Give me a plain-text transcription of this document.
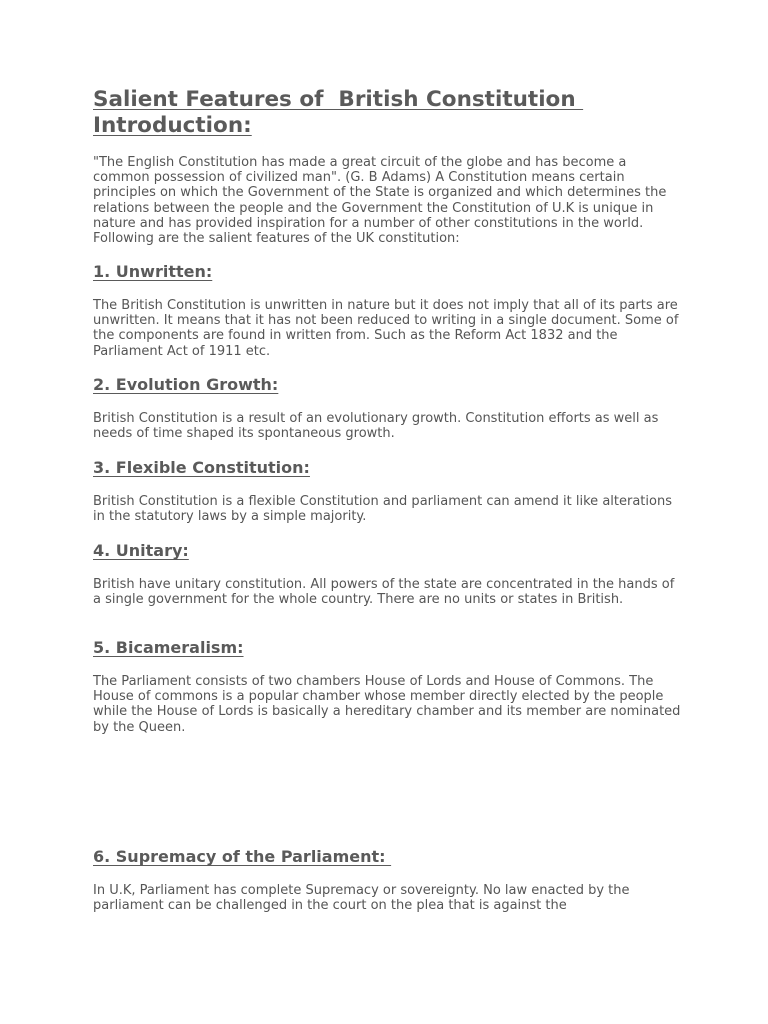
Salient Features of  British Constitution
Introduction:

"The English Constitution has made a great circuit of the globe and has become a common possession of civilized man". (G. B Adams) A Constitution means certain principles on which the Government of the State is organized and which determines the relations between the people and the Government the Constitution of U.K is unique in nature and has provided inspiration for a number of other constitutions in the world. Following are the salient features of the UK constitution:

1. Unwritten:

The British Constitution is unwritten in nature but it does not imply that all of its parts are unwritten. It means that it has not been reduced to writing in a single document. Some of the components are found in written from. Such as the Reform Act 1832 and the Parliament Act of 1911 etc.

2. Evolution Growth:

British Constitution is a result of an evolutionary growth. Constitution efforts as well as needs of time shaped its spontaneous growth.

3. Flexible Constitution:

British Constitution is a flexible Constitution and parliament can amend it like alterations in the statutory laws by a simple majority.

4. Unitary:

British have unitary constitution. All powers of the state are concentrated in the hands of a single government for the whole country. There are no units or states in British.

5. Bicameralism:

The Parliament consists of two chambers House of Lords and House of Commons. The House of commons is a popular chamber whose member directly elected by the people while the House of Lords is basically a hereditary chamber and its member are nominated by the Queen.

6. Supremacy of the Parliament:

In U.K, Parliament has complete Supremacy or sovereignty. No law enacted by the parliament can be challenged in the court on the plea that is against the
